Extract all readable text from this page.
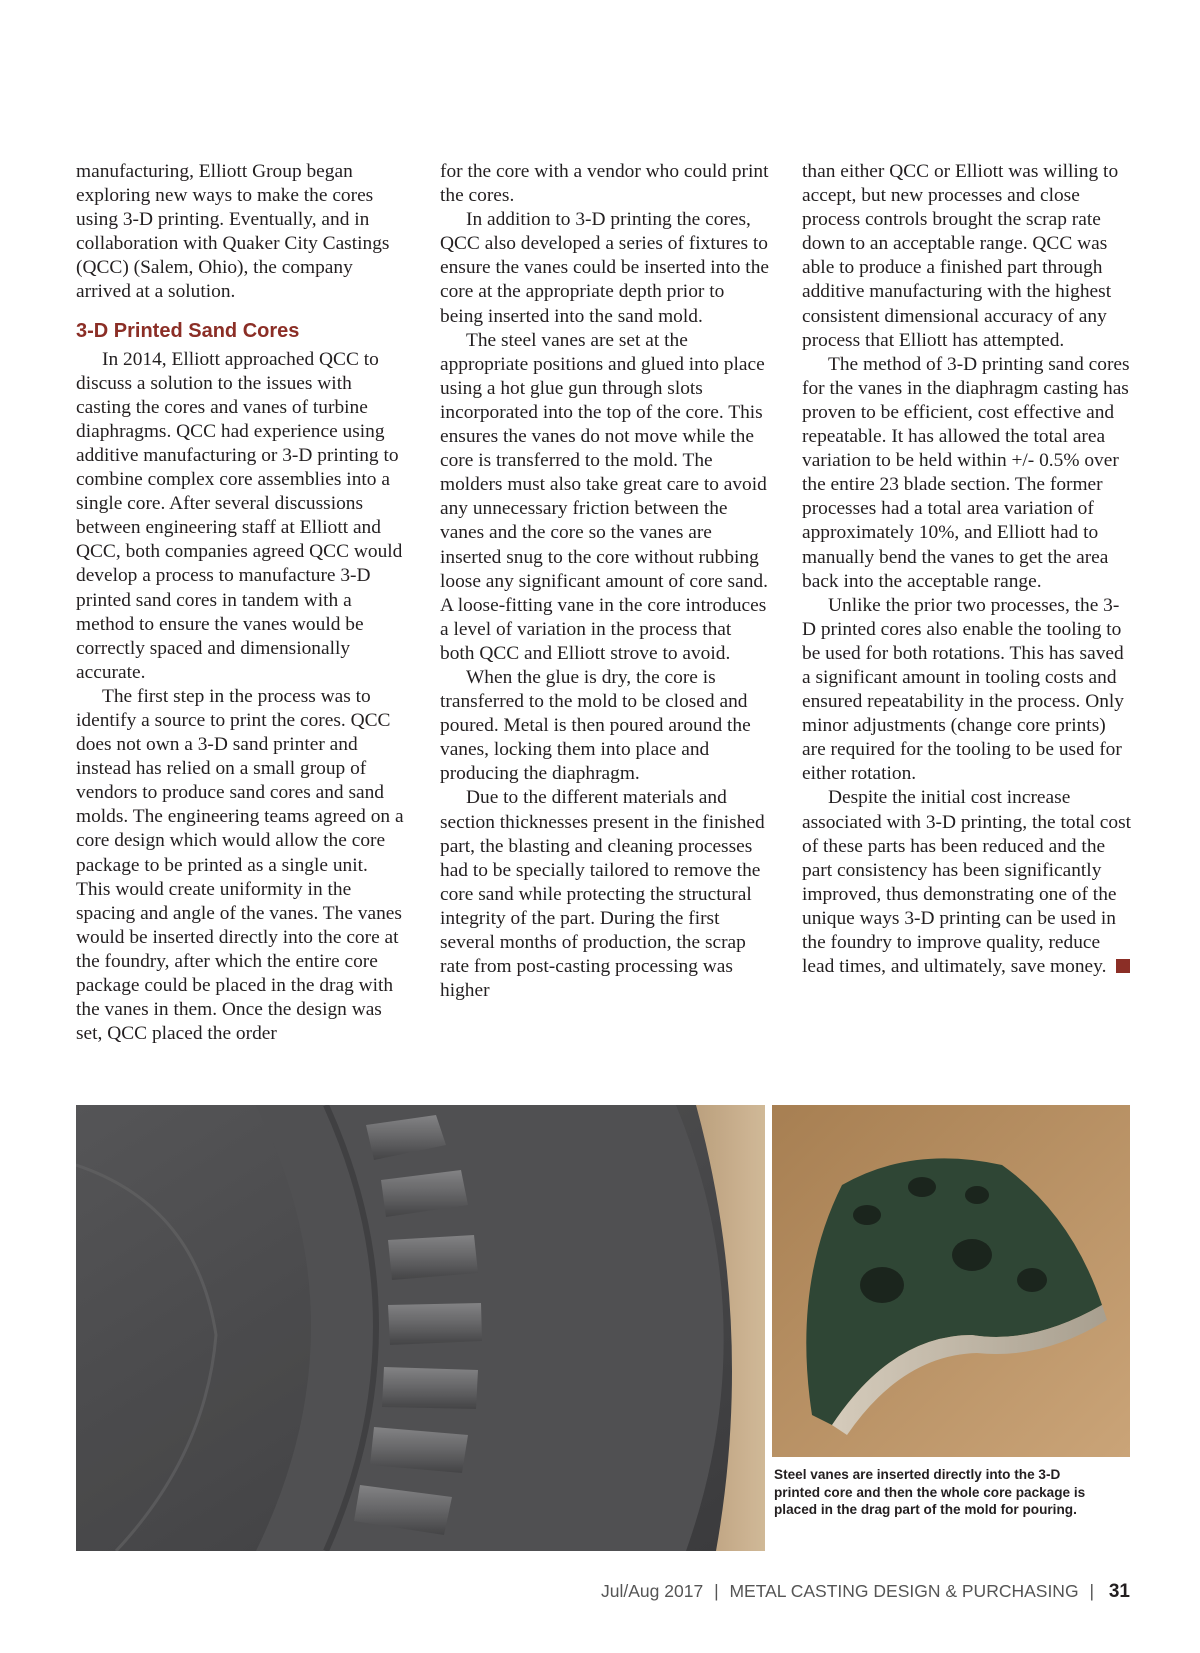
manufacturing, Elliott Group began exploring new ways to make the cores using 3-D printing. Eventually, and in collaboration with Quaker City Castings (QCC) (Salem, Ohio), the company arrived at a solution.

3-D Printed Sand Cores

In 2014, Elliott approached QCC to discuss a solution to the issues with casting the cores and vanes of turbine diaphragms. QCC had experience using additive manufacturing or 3-D printing to combine complex core assemblies into a single core. After several discussions between engineering staff at Elliott and QCC, both companies agreed QCC would develop a process to manufacture 3-D printed sand cores in tandem with a method to ensure the vanes would be correctly spaced and dimensionally accurate.

The first step in the process was to identify a source to print the cores. QCC does not own a 3-D sand printer and instead has relied on a small group of vendors to produce sand cores and sand molds. The engineering teams agreed on a core design which would allow the core package to be printed as a single unit. This would create uniformity in the spacing and angle of the vanes. The vanes would be inserted directly into the core at the foundry, after which the entire core package could be placed in the drag with the vanes in them. Once the design was set, QCC placed the order

for the core with a vendor who could print the cores.

In addition to 3-D printing the cores, QCC also developed a series of fixtures to ensure the vanes could be inserted into the core at the appropriate depth prior to being inserted into the sand mold.

The steel vanes are set at the appropriate positions and glued into place using a hot glue gun through slots incorporated into the top of the core. This ensures the vanes do not move while the core is transferred to the mold. The molders must also take great care to avoid any unnecessary friction between the vanes and the core so the vanes are inserted snug to the core without rubbing loose any significant amount of core sand. A loose-fitting vane in the core introduces a level of variation in the process that both QCC and Elliott strove to avoid.

When the glue is dry, the core is transferred to the mold to be closed and poured. Metal is then poured around the vanes, locking them into place and producing the diaphragm.

Due to the different materials and section thicknesses present in the finished part, the blasting and cleaning processes had to be specially tailored to remove the core sand while protecting the structural integrity of the part. During the first several months of production, the scrap rate from post-casting processing was higher

than either QCC or Elliott was willing to accept, but new processes and close process controls brought the scrap rate down to an acceptable range. QCC was able to produce a finished part through additive manufacturing with the highest consistent dimensional accuracy of any process that Elliott has attempted.

The method of 3-D printing sand cores for the vanes in the diaphragm casting has proven to be efficient, cost effective and repeatable. It has allowed the total area variation to be held within +/- 0.5% over the entire 23 blade section. The former processes had a total area variation of approximately 10%, and Elliott had to manually bend the vanes to get the area back into the acceptable range.

Unlike the prior two processes, the 3-D printed cores also enable the tooling to be used for both rotations. This has saved a significant amount in tooling costs and ensured repeatability in the process. Only minor adjustments (change core prints) are required for the tooling to be used for either rotation.

Despite the initial cost increase associated with 3-D printing, the total cost of these parts has been reduced and the part consistency has been significantly improved, thus demonstrating one of the unique ways 3-D printing can be used in the foundry to improve quality, reduce lead times, and ultimately, save money.

Steel vanes are inserted directly into the 3-D printed core and then the whole core package is placed in the drag part of the mold for pouring.
Jul/Aug 2017 | METAL CASTING DESIGN & PURCHASING | 31
